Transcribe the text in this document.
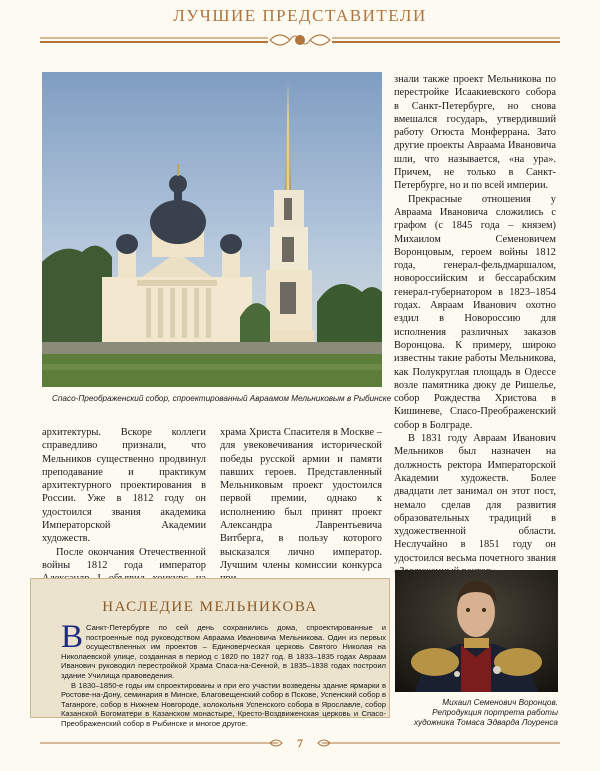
ЛУЧШИЕ ПРЕДСТАВИТЕЛИ

знали также проект Мельникова по перестройке Исаакиевского собора в Санкт-Петербурге, но снова вмешался государь, утвердивший работу Огюста Монферрана. Зато другие проекты Авраама Ивановича шли, что называется, «на ура». Причем, не только в Санкт-Петербурге, но и по всей империи.

Прекрасные отношения у Авраама Ивановича сложились с графом (с 1845 года – князем) Михаилом Семеновичем Воронцовым, героем войны 1812 года, генерал-фельдмаршалом, новороссийским и бессарабским генерал-губернатором в 1823–1854 годах. Авраам Иванович охотно ездил в Новороссию для исполнения различных заказов Воронцова. К примеру, широко известны такие работы Мельникова, как Полукруглая площадь в Одессе возле памятника дюку де Ришелье, собор Рождества Христова в Кишиневе, Спасо-Преображенский собор в Болграде.

В 1831 году Авраам Иванович Мельников был назначен на должность ректора Императорской Академии художеств. Более двадцати лет занимал он этот пост, немало сделав для развития образовательных традиций в художественной области. Неслучайно в 1851 году он удостоился весьма почетного звания

Спасо-Преображенский собор, спроектированный Авраамом Мельниковым в Рыбинске

архитектуры. Вскоре коллеги справедливо признали, что Мельников существенно продвинул преподавание и практикум архитектурного проектирования в России. Уже в 1812 году он удостоился звания академика Императорской Академии художеств.

После окончания Отечественной войны 1812 года император

храма Христа Спасителя в Москве – для увековечивания исторической победы русской армии и памяти павших героев. Представленный Мельниковым проект удостоился первой премии, однако к исполнению был принят проект Александра Лаврентьевича Витберга, в пользу которого высказался лично император. Лучшим члены комиссии конкурса

НАСЛЕДИЕ МЕЛЬНИКОВА

В Санкт-Петербурге по сей день сохранились дома, спроектированные и построенные под руководством Авраама Ивановича Мельникова. Один из первых осуществленных им проектов – Единоверческая церковь Святого Николая на Николаевской улице, созданная в период с 1820 по 1827 год. В 1833–1835 годах Авраам Иванович руководил перестройкой Храма Спаса-на-Сенной, в 1835–1838 годах построил здание Училища правоведения.

В 1830–1850-е годы им спроектированы и при его участии возведены здание ярмарки в Ростове-на-Дону, семинария в Минске, Благовещенский собор в Пскове, Успенский собор в Таганроге, собор в Нижнем Новгороде, колокольня Успенского собора в Ярославле, собор Казанской Богоматери в Казанском монастыре, Кресто-Воздвиженская церковь и Спасо-Преображенский собор в Рыбинске и многое другое.

Михаил Семенович Воронцов.
Репродукция портрета работы
художника Томаса Эдварда Лоуренса
7
